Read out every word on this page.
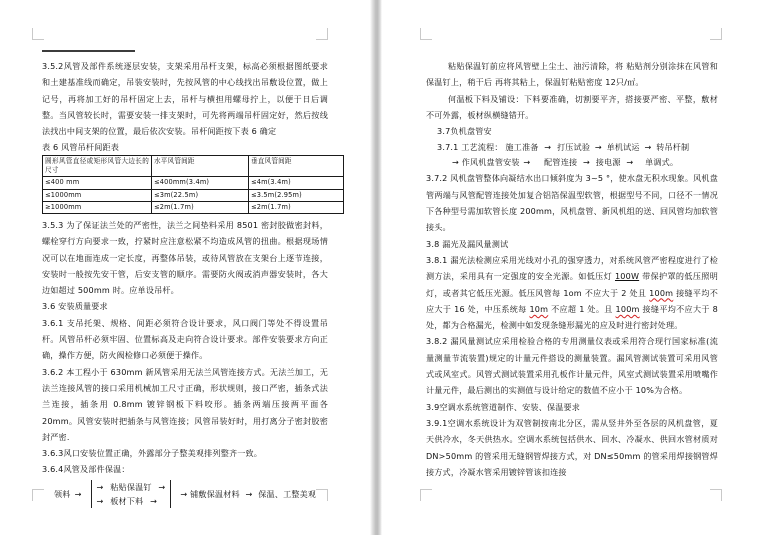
3.5.2风管及部件系统逐层安装，支架采用吊杆支架，标高必须根据图纸要求和土建基准线而确定，吊装安装时，先按风管的中心线找出吊敷设位置，做上记号，再将加工好的吊杆固定上去，吊杆与横担用螺母拧上，以便于日后调整。当风管较长时，需要安装一排支架时，可先将两端吊杆固定好，然后按线法找出中间支架的位置，最后依次安装。吊杆间距按下表 6 确定

表 6 风管吊杆间距表
圆形风管直径或矩形风管大边长的尺寸	水平风管间距	垂直风管间距
≤400 mm	≤400mm(3.4m)	≤4m(3.4m)
≤1000mm	≤3m(22.5m)	≤3.5m(2.95m)
≥1000mm	≤2m(1.7m)	≤2m(1.7m)

3.5.3 为了保证法兰处的严密性，法兰之间垫料采用 8501 密封胶做密封料，螺栓穿行方向要求一致，拧紧时应注意松紧不均造成风管的扭曲。根据现场情况可以在地面连成一定长度，再整体吊装，或待风管放在支架台上逐节连接，安装时一般按先安干管，后安支管的顺序。需要防火阀或消声器安装时，各大边如超过 500mm 时。应单设吊杆。

3.6 安装质量要求

3.6.1 支吊托架、规格、间距必须符合设计要求，风口阀门等处不得设置吊杆。风管吊杆必须牢固、位置标高及走向符合设计要求。部件安装要求方向正确，操作方便，防火阀检修口必须便于操作。

3.6.2 本工程小于 630mm 新风管采用无法兰风管连接方式。无法兰加工，无法兰连接风管的接口采用机械加工尺寸正确，形状规则，接口严密，插条式法兰连接，插条用 0.8mm 镀锌钢板下料咬形。插条两端压接两平面各 20mm。风管安装时把插条与风管连接；风管吊装好时，用打离分子密封胶密封严密.

3.6.3风口安装位置正确，外露部分子整美观排列整齐一致。

3.6.4风管及部件保温：

领料 →
→ 粘贴保温钉 →
→ 板材下料 →
→ 铺敷保温材料 → 保温、工整美观

粘贴保温钉前应将风管壁上尘土、油污清除，将 粘贴剂分别涂抹在风管和保温钉上，稍干后 再将其粘上，保温钉粘贴密度 12只/㎡。

何温板下料及铺设：下料要准确，切割要平齐，搭接要严密、平整，敷材不可外露，板材纵横缝错开。

3.7负机盘管安

3.7.1 工艺流程： 施工准备 → 打压试验 → 单机试运 → 转吊杆制
→ 作风机盘管安装 → 配管连接 → 接电源 → 单调式。

3.7.2 风机盘管整体向凝结水出口倾斜度为 3~5 °，使水盘无积水现象。风机盘管两端与风管配管连接处加复合铝箔保温型软管，根据型号不同，口径不一情况下各种型号需加软管长度 200mm，风机盘管、新风机组的送、回风管均加软管接头。

3.8 漏光及漏风量测试

3.8.1 漏光法检测应采用光线对小孔的强穿透力，对系统风管严密程度进行了检测方法，采用具有一定强度的安全光源。如低压灯 100W 带保护罩的低压照明灯，或者其它低压光源。低压风管每 1om 不应大于 2 处且 100m 接缝平均不应大于 16 处，中压系统每 10m 不应超 1 处。且 100m 接缝平均不应大于 8 处，都为合格漏光，检测中如发现条缝形漏光的应及时进行密封处理。

3.8.2 漏风量测试应采用检验合格的专用测量仪表或采用符合现行国家标准(流量测量节流装置)规定的计量元件搭设的测量装置。漏风管测试装置可采用风管式或风室式。风管式测试装置采用孔板作计量元件，风室式测试装置采用喷嘴作计量元件，最后测出的实测值与设计给定的数值不应小于 10%为合格。

3.9空调水系统管道制作、安装、保温要求

3.9.1空调水系统设计为双管制按南北分区，需从竖井外至各层的风机盘管，夏天供冷水，冬天供热水。空调水系统包括供水、回水、冷凝水、供回水管材质对 DN>50mm 的管采用无缝钢管焊接方式，对 DN≤50mm 的管采用焊接钢管焊接方式，冷凝水管采用镀锌管该扣连接
